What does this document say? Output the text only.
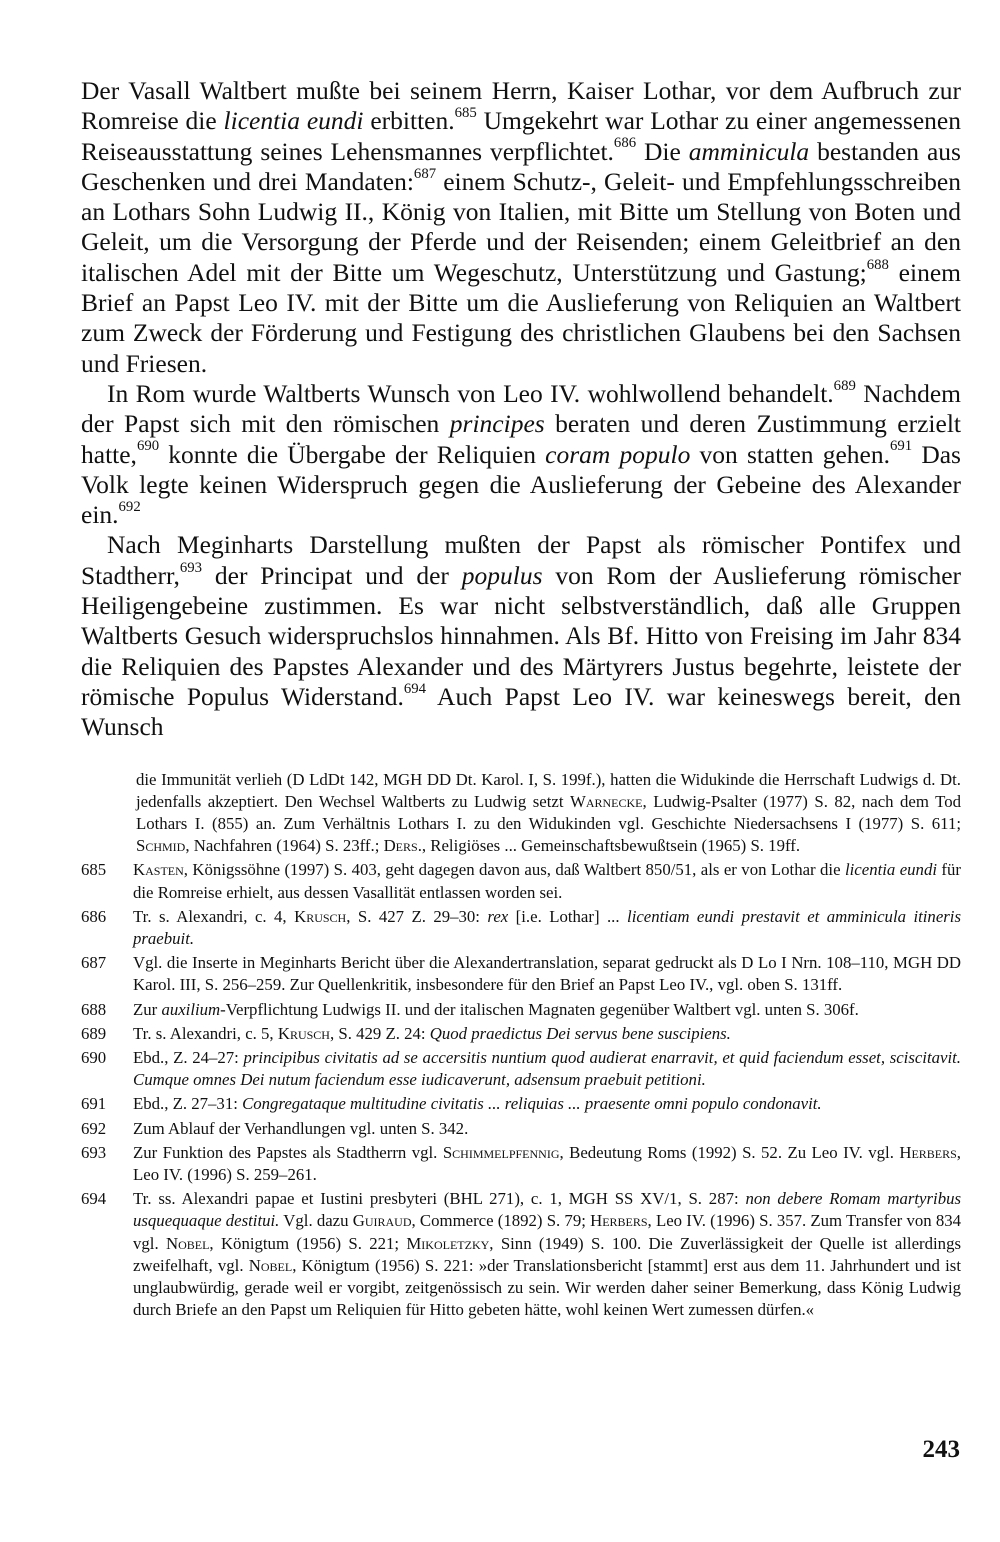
Der Vasall Waltbert mußte bei seinem Herrn, Kaiser Lothar, vor dem Aufbruch zur Romreise die licentia eundi erbitten.$^{685}$ Umgekehrt war Lothar zu einer angemessenen Reiseausstattung seines Lehensmannes verpflichtet.$^{686}$ Die amminicula bestanden aus Geschenken und drei Mandaten:$^{687}$ einem Schutz-, Geleit- und Empfehlungsschreiben an Lothars Sohn Ludwig II., König von Italien, mit Bitte um Stellung von Boten und Geleit, um die Versorgung der Pferde und der Reisenden; einem Geleitbrief an den italischen Adel mit der Bitte um Wegeschutz, Unterstützung und Gastung;$^{688}$ einem Brief an Papst Leo IV. mit der Bitte um die Auslieferung von Reliquien an Waltbert zum Zweck der Förderung und Festigung des christlichen Glaubens bei den Sachsen und Friesen.

In Rom wurde Waltberts Wunsch von Leo IV. wohlwollend behandelt.$^{689}$ Nachdem der Papst sich mit den römischen principes beraten und deren Zustimmung erzielt hatte,$^{690}$ konnte die Übergabe der Reliquien coram populo von statten gehen.$^{691}$ Das Volk legte keinen Widerspruch gegen die Auslieferung der Gebeine des Alexander ein.$^{692}$

Nach Meginharts Darstellung mußten der Papst als römischer Pontifex und Stadtherr,$^{693}$ der Principat und der populus von Rom der Auslieferung römischer Heiligengebeine zustimmen. Es war nicht selbstverständlich, daß alle Gruppen Waltberts Gesuch widerspruchslos hinnahmen. Als Bf. Hitto von Freising im Jahr 834 die Reliquien des Papstes Alexander und des Märtyrers Justus begehrte, leistete der römische Populus Widerstand.$^{694}$ Auch Papst Leo IV. war keineswegs bereit, den Wunsch

die Immunität verlieh (D LdDt 142, MGH DD Dt. Karol. I, S. 199f.), hatten die Widukinde die Herrschaft Ludwigs d. Dt. jedenfalls akzeptiert. Den Wechsel Waltberts zu Ludwig setzt Warnecke, Ludwig-Psalter (1977) S. 82, nach dem Tod Lothars I. (855) an. Zum Verhältnis Lothars I. zu den Widukinden vgl. Geschichte Niedersachsens I (1977) S. 611; Schmid, Nachfahren (1964) S. 23ff.; Ders., Religiöses ... Gemeinschaftsbewußtsein (1965) S. 19ff.
685	Kasten, Königssöhne (1997) S. 403, geht dagegen davon aus, daß Waltbert 850/51, als er von Lothar die licentia eundi für die Romreise erhielt, aus dessen Vasallität entlassen worden sei.
686	Tr. s. Alexandri, c. 4, Krusch, S. 427 Z. 29–30: rex [i.e. Lothar] ... licentiam eundi prestavit et amminicula itineris praebuit.
687	Vgl. die Inserte in Meginharts Bericht über die Alexandertranslation, separat gedruckt als D Lo I Nrn. 108–110, MGH DD Karol. III, S. 256–259. Zur Quellenkritik, insbesondere für den Brief an Papst Leo IV., vgl. oben S. 131ff.
688	Zur auxilium-Verpflichtung Ludwigs II. und der italischen Magnaten gegenüber Waltbert vgl. unten S. 306f.
689	Tr. s. Alexandri, c. 5, Krusch, S. 429 Z. 24: Quod praedictus Dei servus bene suscipiens.
690	Ebd., Z. 24–27: principibus civitatis ad se accersitis nuntium quod audierat enarravit, et quid faciendum esset, sciscitavit. Cumque omnes Dei nutum faciendum esse iudicaverunt, adsensum praebuit petitioni.
691	Ebd., Z. 27–31: Congregataque multitudine civitatis ... reliquias ... praesente omni populo condonavit.
692	Zum Ablauf der Verhandlungen vgl. unten S. 342.
693	Zur Funktion des Papstes als Stadtherrn vgl. Schimmelpfennig, Bedeutung Roms (1992) S. 52. Zu Leo IV. vgl. Herbers, Leo IV. (1996) S. 259–261.
694	Tr. ss. Alexandri papae et Iustini presbyteri (BHL 271), c. 1, MGH SS XV/1, S. 287: non debere Romam martyribus usquequaque destitui. Vgl. dazu Guiraud, Commerce (1892) S. 79; Herbers, Leo IV. (1996) S. 357. Zum Transfer von 834 vgl. Nobel, Königtum (1956) S. 221; Mikoletzky, Sinn (1949) S. 100. Die Zuverlässigkeit der Quelle ist allerdings zweifelhaft, vgl. Nobel, Königtum (1956) S. 221: »der Translationsbericht [stammt] erst aus dem 11. Jahrhundert und ist unglaubwürdig, gerade weil er vorgibt, zeitgenössisch zu sein. Wir werden daher seiner Bemerkung, dass König Ludwig durch Briefe an den Papst um Reliquien für Hitto gebeten hätte, wohl keinen Wert zumessen dürfen.«
243
